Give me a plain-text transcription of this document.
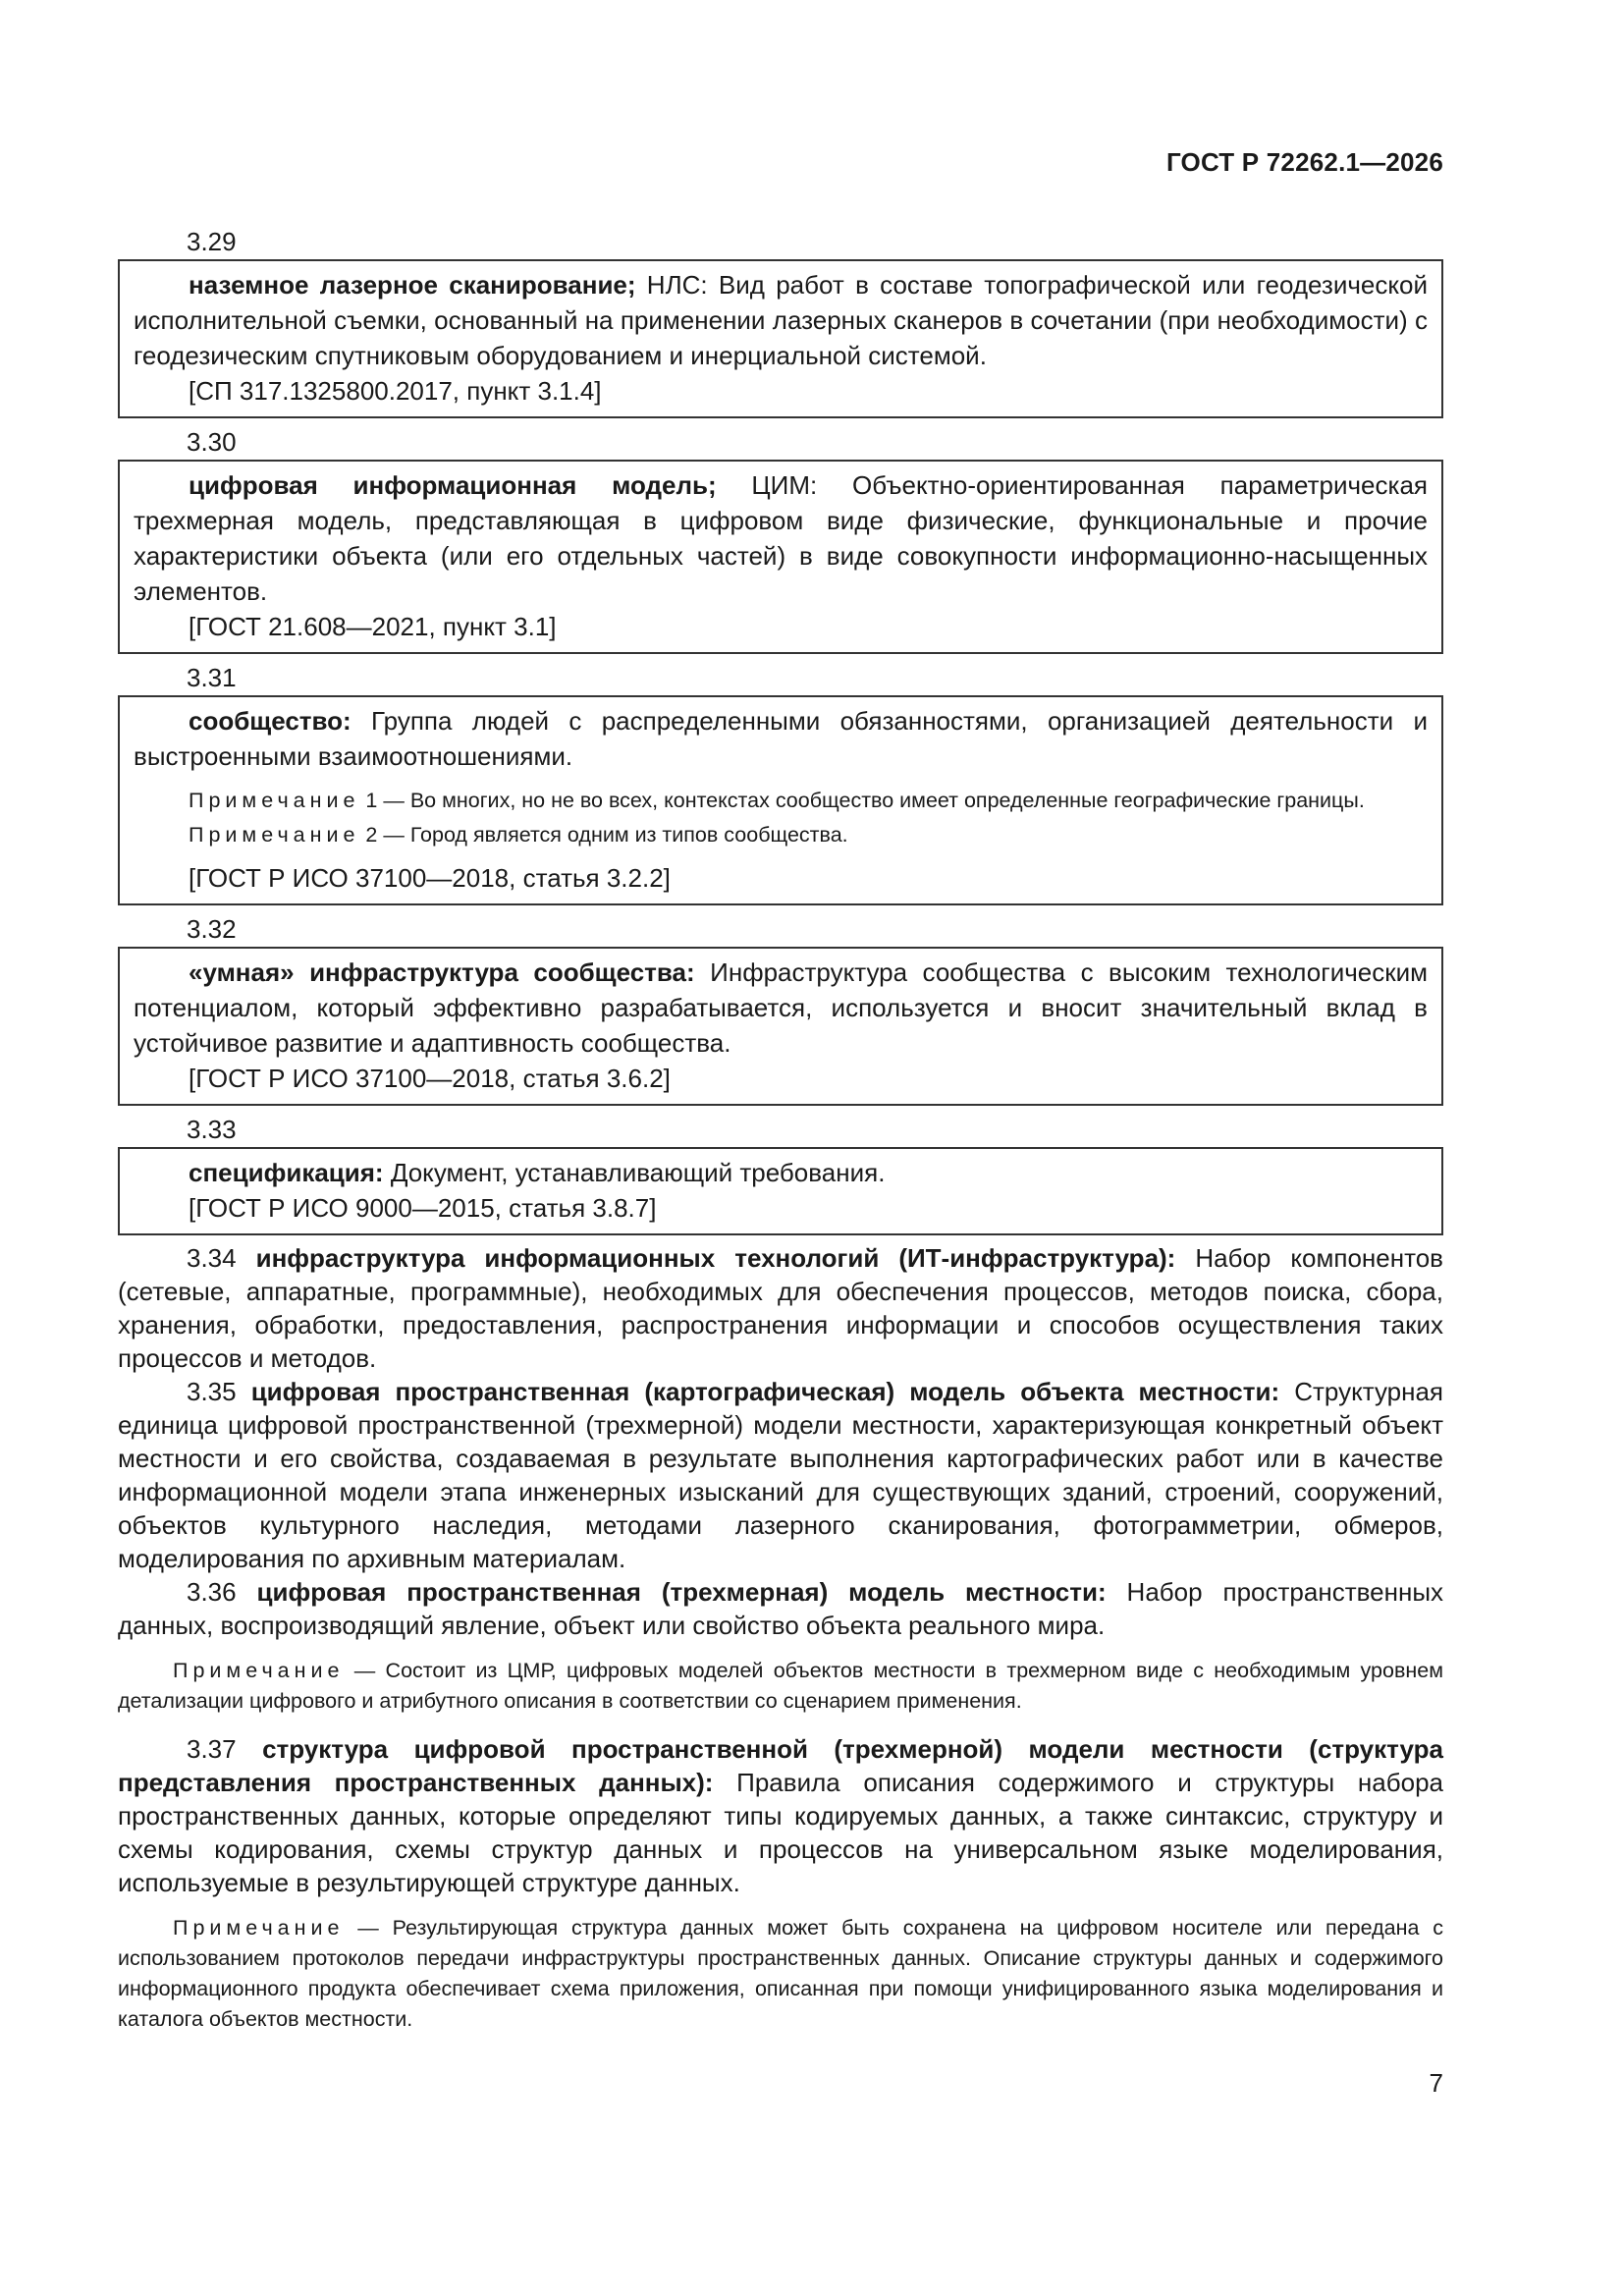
ГОСТ Р 72262.1—2026
3.29

наземное лазерное сканирование; НЛС: Вид работ в составе топографической или геодезической исполнительной съемки, основанный на применении лазерных сканеров в сочетании (при необходимости) с геодезическим спутниковым оборудованием и инерциальной системой.

[СП 317.1325800.2017, пункт 3.1.4]

3.30

цифровая информационная модель; ЦИМ: Объектно-ориентированная параметрическая трехмерная модель, представляющая в цифровом виде физические, функциональные и прочие характеристики объекта (или его отдельных частей) в виде совокупности информационно-насыщенных элементов.

[ГОСТ 21.608—2021, пункт 3.1]

3.31

сообщество: Группа людей с распределенными обязанностями, организацией деятельности и выстроенными взаимоотношениями.

Примечание 1 — Во многих, но не во всех, контекстах сообщество имеет определенные географические границы.
Примечание 2 — Город является одним из типов сообщества.

[ГОСТ Р ИСО 37100—2018, статья 3.2.2]

3.32

«умная» инфраструктура сообщества: Инфраструктура сообщества с высоким технологическим потенциалом, который эффективно разрабатывается, используется и вносит значительный вклад в устойчивое развитие и адаптивность сообщества.

[ГОСТ Р ИСО 37100—2018, статья 3.6.2]

3.33

спецификация: Документ, устанавливающий требования.

[ГОСТ Р ИСО 9000—2015, статья 3.8.7]

3.34 инфраструктура информационных технологий (ИТ-инфраструктура): Набор компонентов (сетевые, аппаратные, программные), необходимых для обеспечения процессов, методов поиска, сбора, хранения, обработки, предоставления, распространения информации и способов осуществления таких процессов и методов.

3.35 цифровая пространственная (картографическая) модель объекта местности: Структурная единица цифровой пространственной (трехмерной) модели местности, характеризующая конкретный объект местности и его свойства, создаваемая в результате выполнения картографических работ или в качестве информационной модели этапа инженерных изысканий для существующих зданий, строений, сооружений, объектов культурного наследия, методами лазерного сканирования, фотограмметрии, обмеров, моделирования по архивным материалам.

3.36 цифровая пространственная (трехмерная) модель местности: Набор пространственных данных, воспроизводящий явление, объект или свойство объекта реального мира.

Примечание — Состоит из ЦМР, цифровых моделей объектов местности в трехмерном виде с необходимым уровнем детализации цифрового и атрибутного описания в соответствии со сценарием применения.

3.37 структура цифровой пространственной (трехмерной) модели местности (структура представления пространственных данных): Правила описания содержимого и структуры набора пространственных данных, которые определяют типы кодируемых данных, а также синтаксис, структуру и схемы кодирования, схемы структур данных и процессов на универсальном языке моделирования, используемые в результирующей структуре данных.

Примечание — Результирующая структура данных может быть сохранена на цифровом носителе или передана с использованием протоколов передачи инфраструктуры пространственных данных. Описание структуры данных и содержимого информационного продукта обеспечивает схема приложения, описанная при помощи унифицированного языка моделирования и каталога объектов местности.
7
